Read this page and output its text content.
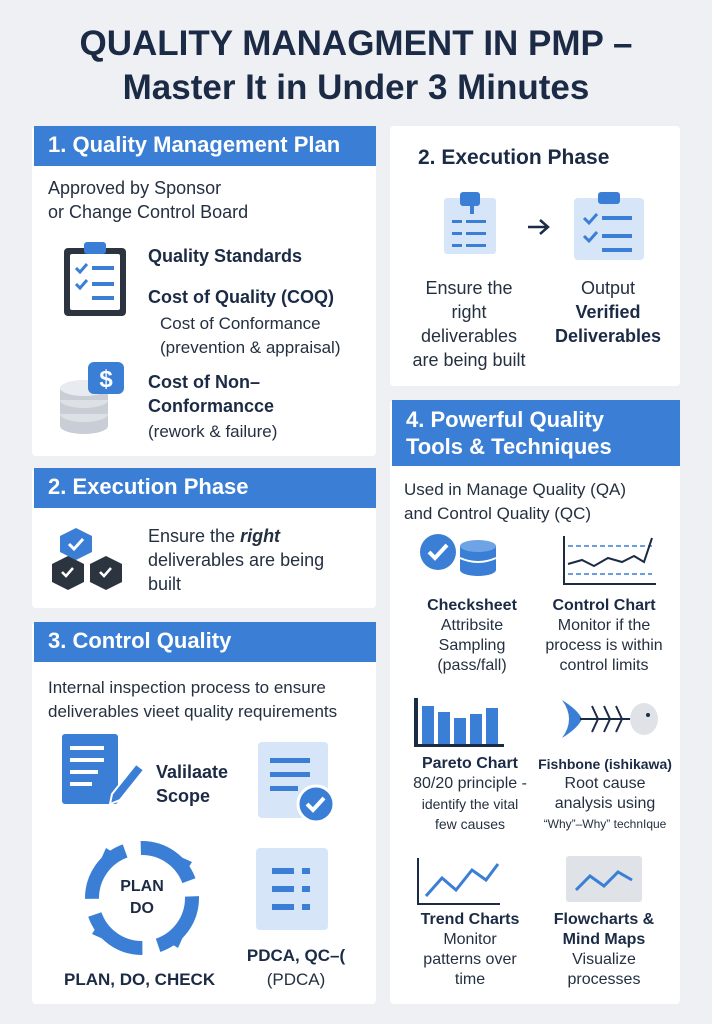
QUALITY MANAGMENT IN PMP –
Master It in Under 3 Minutes
1. Quality Management Plan
Approved by Sponsor
or Change Control Board
Quality Standards
Cost of Quality (COQ)
Cost of Conformance
(prevention & appraisal)
$ Cost of Non–
Conformancce
(rework & failure)
2. Execution Phase
Ensure the right
deliverables are being
built
3. Control Quality
Internal inspection process to ensure
deliverables vieet quality requirements
Valilaate
Scope
PLAN
DO
PLAN, DO, CHECK
PDCA, QC–(
(PDCA)
2. Execution Phase
Ensure the
right
deliverables
are being built
Output
Verified
Deliverables
4. Powerful Quality
Tools & Techniques
Used in Manage Quality (QA)
and Control Quality (QC)
Checksheet
Attribsite
Sampling
(pass/fall)
Control Chart
Monitor if the
process is within
control limits
Pareto Chart
80/20 principle -
identify the vital
few causes
Fishbone (ishikawa)
Root cause
analysis using
“Why”–Why” technIque
Trend Charts
Monitor
patterns over
time
Flowcharts &
Mind Maps
Visualize
processes
